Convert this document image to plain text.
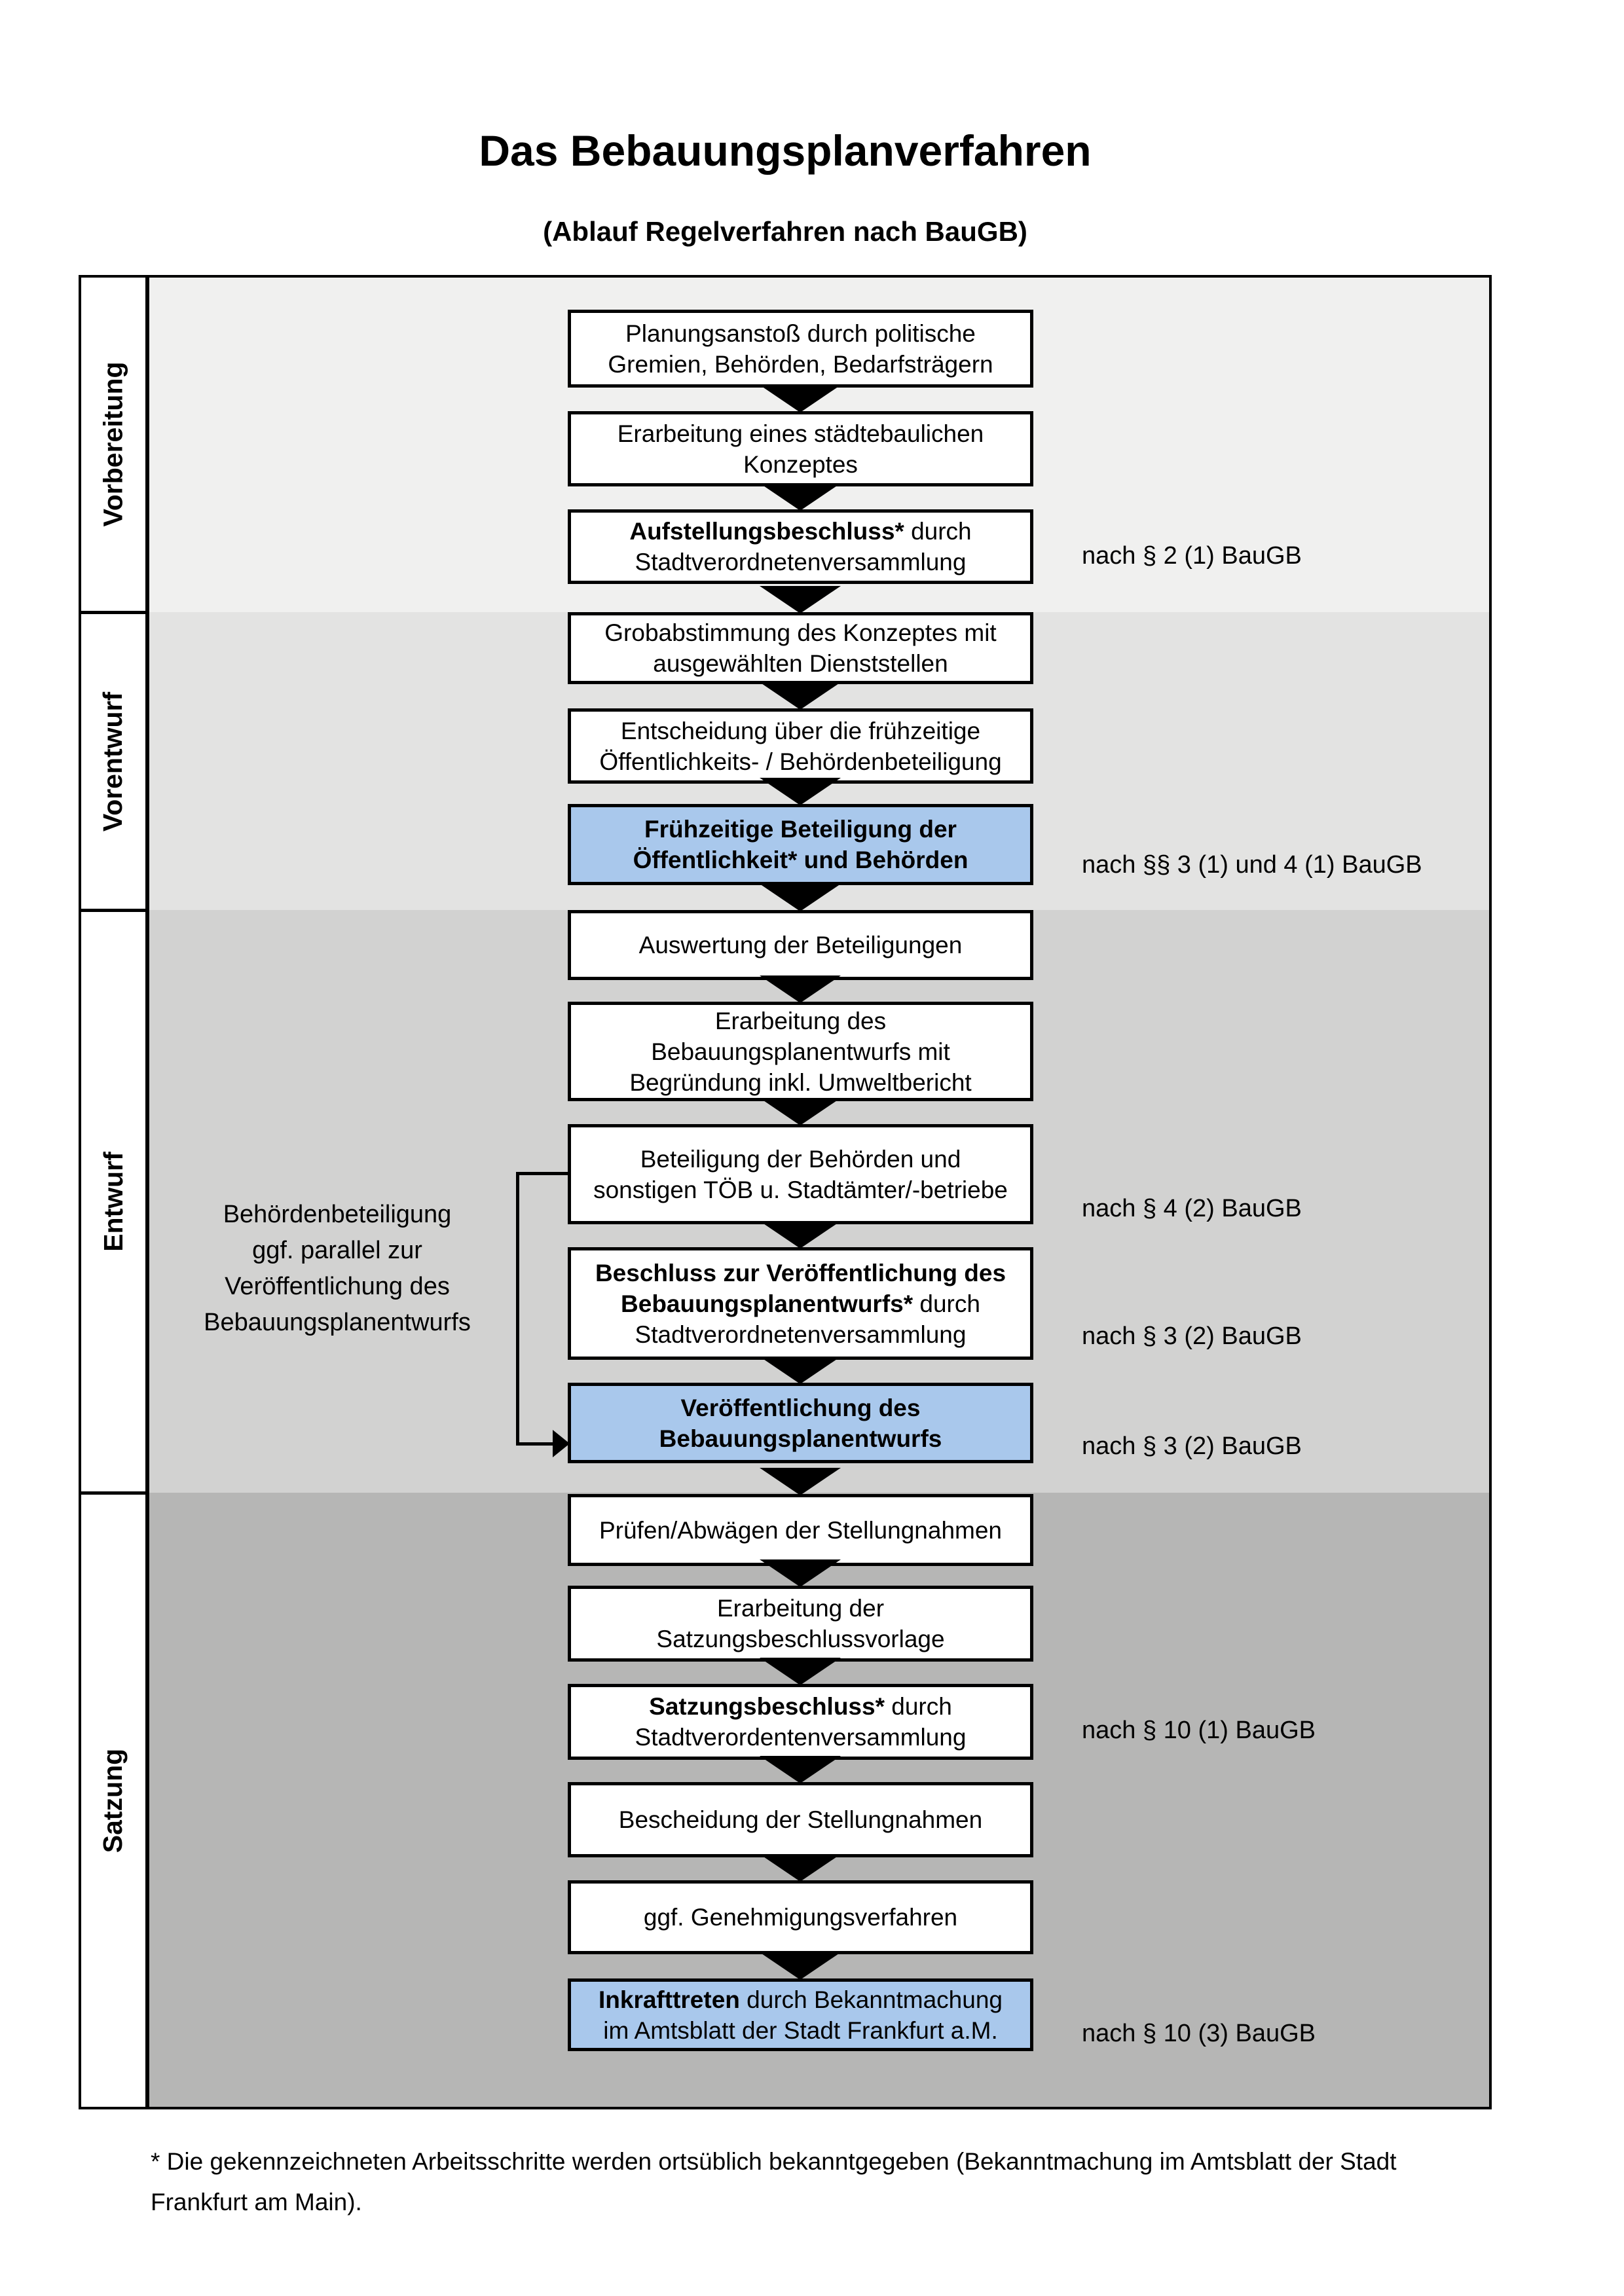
Das Bebauungsplanverfahren
(Ablauf Regelverfahren nach BauGB)
Vorbereitung
Vorentwurf
Entwurf
Satzung
Planungsanstoß durch politische
Gremien, Behörden, Bedarfsträgern
Erarbeitung eines städtebaulichen
Konzeptes
Aufstellungsbeschluss* durch
Stadtverordnetenversammlung
Grobabstimmung des Konzeptes mit
ausgewählten Dienststellen
Entscheidung über die frühzeitige
Öffentlichkeits- / Behördenbeteiligung
Frühzeitige Beteiligung der
Öffentlichkeit* und Behörden
Auswertung der Beteiligungen
Erarbeitung des
Bebauungsplanentwurfs mit
Begründung inkl. Umweltbericht
Beteiligung der Behörden und
sonstigen TÖB u. Stadtämter/-betriebe
Beschluss zur Veröffentlichung des
Bebauungsplanentwurfs* durch
Stadtverordnetenversammlung
Veröffentlichung des
Bebauungsplanentwurfs
Prüfen/Abwägen der Stellungnahmen
Erarbeitung der
Satzungsbeschlussvorlage
Satzungsbeschluss* durch
Stadtverordentenversammlung
Bescheidung der Stellungnahmen
ggf. Genehmigungsverfahren
Inkrafttreten durch Bekanntmachung
im Amtsblatt der Stadt Frankfurt a.M.
nach § 2 (1) BauGB
nach §§ 3 (1) und 4 (1) BauGB
nach § 4 (2) BauGB
nach § 3 (2) BauGB
nach § 3 (2) BauGB
nach § 10 (1) BauGB
nach § 10 (3) BauGB
Behördenbeteiligung
ggf. parallel zur
Veröffentlichung des
Bebauungsplanentwurfs
* Die gekennzeichneten Arbeitsschritte werden ortsüblich bekanntgegeben (Bekanntmachung im Amtsblatt der Stadt
Frankfurt am Main).
